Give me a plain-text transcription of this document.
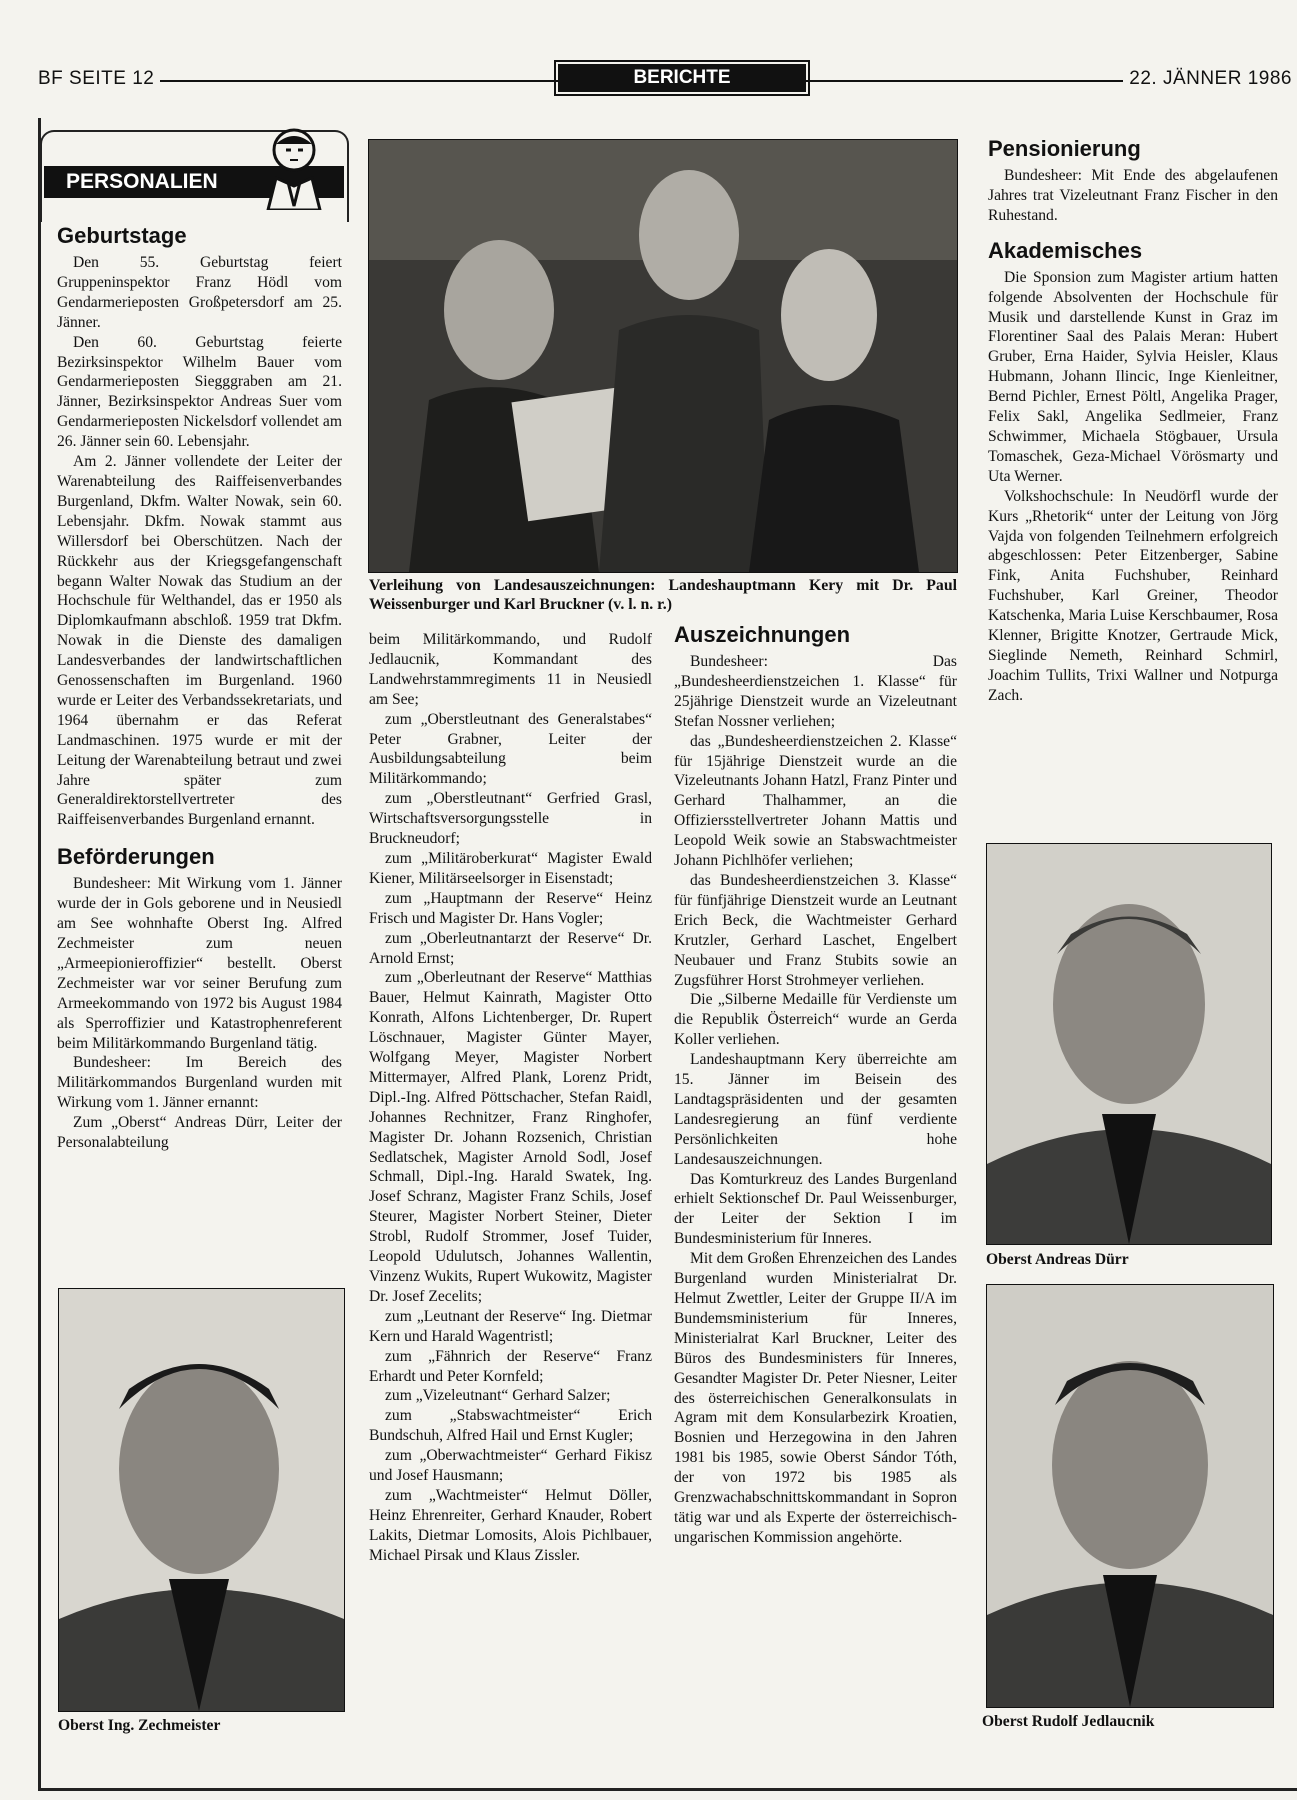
BF SEITE 12	BERICHTE	22. JÄNNER 1986
PERSONALIEN
Geburtstage

Den 55. Geburtstag feiert Gruppeninspektor Franz Hödl vom Gendarmerieposten Großpetersdorf am 25. Jänner.

Den 60. Geburtstag feierte Bezirksinspektor Wilhelm Bauer vom Gendarmerieposten Siegggraben am 21. Jänner, Bezirksinspektor Andreas Suer vom Gendarmerieposten Nickelsdorf vollendet am 26. Jänner sein 60. Lebensjahr.

Am 2. Jänner vollendete der Leiter der Warenabteilung des Raiffeisenverbandes Burgenland, Dkfm. Walter Nowak, sein 60. Lebensjahr. Dkfm. Nowak stammt aus Willersdorf bei Oberschützen. Nach der Rückkehr aus der Kriegsgefangenschaft begann Walter Nowak das Studium an der Hochschule für Welthandel, das er 1950 als Diplomkaufmann abschloß. 1959 trat Dkfm. Nowak in die Dienste des damaligen Landesverbandes der landwirtschaftlichen Genossenschaften im Burgenland. 1960 wurde er Leiter des Verbandssekretariats, und 1964 übernahm er das Referat Landmaschinen. 1975 wurde er mit der Leitung der Warenabteilung betraut und zwei Jahre später zum Generaldirektorstellvertreter des Raiffeisenverbandes Burgenland ernannt.

Beförderungen

Bundesheer: Mit Wirkung vom 1. Jänner wurde der in Gols geborene und in Neusiedl am See wohnhafte Oberst Ing. Alfred Zechmeister zum neuen „Armeepionieroffizier“ bestellt. Oberst Zechmeister war vor seiner Berufung zum Armeekommando von 1972 bis August 1984 als Sperroffizier und Katastrophenreferent beim Militärkommando Burgenland tätig.

Bundesheer: Im Bereich des Militärkommandos Burgenland wurden mit Wirkung vom 1. Jänner ernannt:

Zum „Oberst“ Andreas Dürr, Leiter der Personalabteilung

Oberst Ing. Zechmeister
Verleihung von Landesauszeichnungen: Landeshauptmann Kery mit Dr. Paul Weissenburger und Karl Bruckner (v. l. n. r.)

beim Militärkommando, und Rudolf Jedlaucnik, Kommandant des Landwehrstammregiments 11 in Neusiedl am See;

zum „Oberstleutnant des Generalstabes“ Peter Grabner, Leiter der Ausbildungsabteilung beim Militärkommando;

zum „Oberstleutnant“ Gerfried Grasl, Wirtschaftsversorgungsstelle in Bruckneudorf;

zum „Militäroberkurat“ Magister Ewald Kiener, Militärseelsorger in Eisenstadt;

zum „Hauptmann der Reserve“ Heinz Frisch und Magister Dr. Hans Vogler;

zum „Oberleutnantarzt der Reserve“ Dr. Arnold Ernst;

zum „Oberleutnant der Reserve“ Matthias Bauer, Helmut Kainrath, Magister Otto Konrath, Alfons Lichtenberger, Dr. Rupert Löschnauer, Magister Günter Mayer, Wolfgang Meyer, Magister Norbert Mittermayer, Alfred Plank, Lorenz Pridt, Dipl.-Ing. Alfred Pöttschacher, Stefan Raidl, Johannes Rechnitzer, Franz Ringhofer, Magister Dr. Johann Rozsenich, Christian Sedlatschek, Magister Arnold Sodl, Josef Schmall, Dipl.-Ing. Harald Swatek, Ing. Josef Schranz, Magister Franz Schils, Josef Steurer, Magister Norbert Steiner, Dieter Strobl, Rudolf Strommer, Josef Tuider, Leopold Udulutsch, Johannes Wallentin, Vinzenz Wukits, Rupert Wukowitz, Magister Dr. Josef Zecelits;

zum „Leutnant der Reserve“ Ing. Dietmar Kern und Harald Wagentristl;

zum „Fähnrich der Reserve“ Franz Erhardt und Peter Kornfeld;

zum „Vizeleutnant“ Gerhard Salzer;

zum „Stabswachtmeister“ Erich Bundschuh, Alfred Hail und Ernst Kugler;

zum „Oberwachtmeister“ Gerhard Fikisz und Josef Hausmann;

zum „Wachtmeister“ Helmut Döller, Heinz Ehrenreiter, Gerhard Knauder, Robert Lakits, Dietmar Lomosits, Alois Pichlbauer, Michael Pirsak und Klaus Zissler.

Auszeichnungen

Bundesheer: Das „Bundesheerdienstzeichen 1. Klasse“ für 25jährige Dienstzeit wurde an Vizeleutnant Stefan Nossner verliehen;

das „Bundesheerdienstzeichen 2. Klasse“ für 15jährige Dienstzeit wurde an die Vizeleutnants Johann Hatzl, Franz Pinter und Gerhard Thalhammer, an die Offiziersstellvertreter Johann Mattis und Leopold Weik sowie an Stabswachtmeister Johann Pichlhöfer verliehen;

das Bundesheerdienstzeichen 3. Klasse“ für fünfjährige Dienstzeit wurde an Leutnant Erich Beck, die Wachtmeister Gerhard Krutzler, Gerhard Laschet, Engelbert Neubauer und Franz Stubits sowie an Zugsführer Horst Strohmeyer verliehen.

Die „Silberne Medaille für Verdienste um die Republik Österreich“ wurde an Gerda Koller verliehen.

Landeshauptmann Kery überreichte am 15. Jänner im Beisein des Landtagspräsidenten und der gesamten Landesregierung an fünf verdiente Persönlichkeiten hohe Landesauszeichnungen.

Das Komturkreuz des Landes Burgenland erhielt Sektionschef Dr. Paul Weissenburger, der Leiter der Sektion I im Bundesministerium für Inneres.

Mit dem Großen Ehrenzeichen des Landes Burgenland wurden Ministerialrat Dr. Helmut Zwettler, Leiter der Gruppe II/A im Bundemsministerium für Inneres, Ministerialrat Karl Bruckner, Leiter des Büros des Bundesministers für Inneres, Gesandter Magister Dr. Peter Niesner, Leiter des österreichischen Generalkonsulats in Agram mit dem Konsularbezirk Kroatien, Bosnien und Herzegowina in den Jahren 1981 bis 1985, sowie Oberst Sándor Tóth, der von 1972 bis 1985 als Grenzwachabschnittskommandant in Sopron tätig war und als Experte der österreichisch-ungarischen Kommission angehörte.

Pensionierung

Bundesheer: Mit Ende des abgelaufenen Jahres trat Vizeleutnant Franz Fischer in den Ruhestand.

Akademisches

Die Sponsion zum Magister artium hatten folgende Absolventen der Hochschule für Musik und darstellende Kunst in Graz im Florentiner Saal des Palais Meran: Hubert Gruber, Erna Haider, Sylvia Heisler, Klaus Hubmann, Johann Ilincic, Inge Kienleitner, Bernd Pichler, Ernest Pöltl, Angelika Prager, Felix Sakl, Angelika Sedlmeier, Franz Schwimmer, Michaela Stögbauer, Ursula Tomaschek, Geza-Michael Vörösmarty und Uta Werner.

Volkshochschule: In Neudörfl wurde der Kurs „Rhetorik“ unter der Leitung von Jörg Vajda von folgenden Teilnehmern erfolgreich abgeschlossen: Peter Eitzenberger, Sabine Fink, Anita Fuchshuber, Reinhard Fuchshuber, Karl Greiner, Theodor Katschenka, Maria Luise Kerschbaumer, Rosa Klenner, Brigitte Knotzer, Gertraude Mick, Sieglinde Nemeth, Reinhard Schmirl, Joachim Tullits, Trixi Wallner und Notpurga Zach.

Oberst Andreas Dürr
Oberst Rudolf Jedlaucnik
